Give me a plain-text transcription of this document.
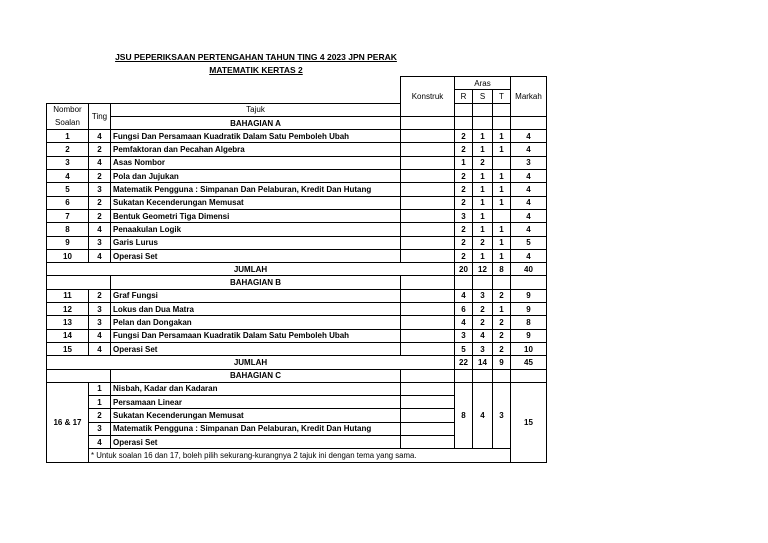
JSU PEPERIKSAAN PERTENGAHAN TAHUN TING 4 2023 JPN PERAK
MATEMATIK KERTAS 2
				Aras			
			Konstruk	R	S	T	Markah
Nombor	Ting	Tajuk					
Soalan		BAHAGIAN A					
1	4	Fungsi Dan Persamaan Kuadratik Dalam Satu Pemboleh Ubah		2	1	1	4
2	2	Pemfaktoran dan Pecahan Algebra		2	1	1	4
3	4	Asas Nombor		1	2		3
4	2	Pola dan Jujukan		2	1	1	4
5	3	Matematik Pengguna : Simpanan Dan Pelaburan, Kredit Dan Hutang		2	1	1	4
6	2	Sukatan Kecenderungan Memusat		2	1	1	4
7	2	Bentuk Geometri Tiga Dimensi		3	1		4
8	4	Penaakulan Logik		2	1	1	4
9	3	Garis Lurus		2	2	1	5
10	4	Operasi Set		2	1	1	4
JUMLAH				20	12	8	40
		BAHAGIAN B					
11	2	Graf Fungsi		4	3	2	9
12	3	Lokus dan Dua Matra		6	2	1	9
13	3	Pelan dan Dongakan		4	2	2	8
14	4	Fungsi Dan Persamaan Kuadratik Dalam Satu Pemboleh Ubah		3	4	2	9
15	4	Operasi Set		5	3	2	10
JUMLAH				22	14	9	45
		BAHAGIAN C					
16 & 17	1	Nisbah, Kadar dan Kadaran		8	4	3	15
	1	Persamaan Linear					
	2	Sukatan Kecenderungan Memusat					
	3	Matematik Pengguna : Simpanan Dan Pelaburan, Kredit Dan Hutang					
	4	Operasi Set					
	* Untuk soalan 16 dan 17, boleh pilih sekurang-kurangnya 2 tajuk ini dengan tema yang sama.						
